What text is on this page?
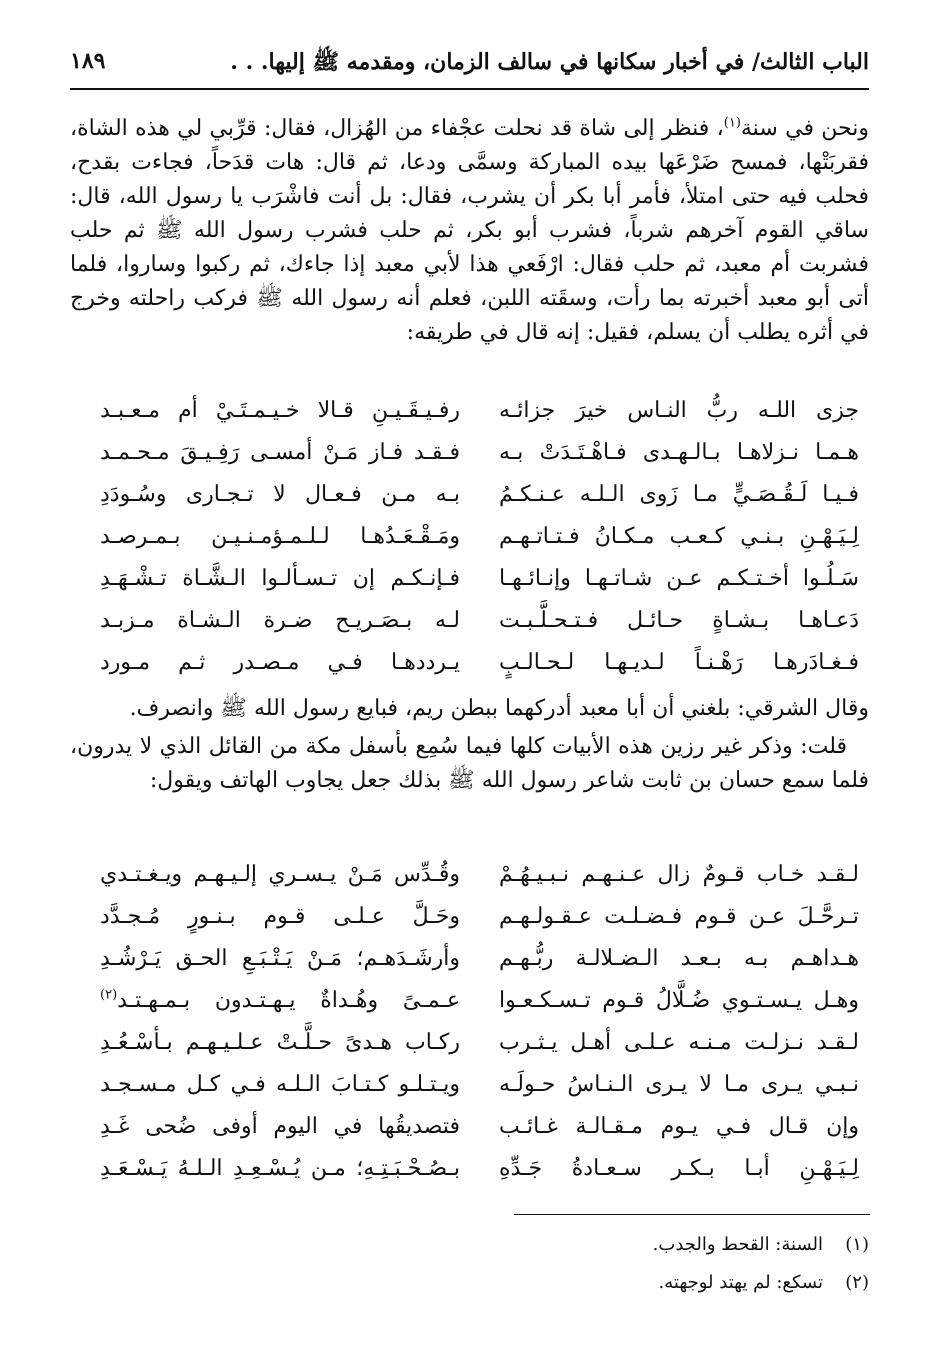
الباب الثالث/ في أخبار سكانها في سالف الزمان، ومقدمه ﷺ إليها. . .
١٨٩

ونحن في سنة$^{(١)}$، فنظر إلى شاة قد نحلت عجْفاء من الهُزال، فقال: قرِّبي لي هذه الشاة، فقربَتْها، فمسح ضَرْعَها بيده المباركة وسمَّى ودعا، ثم قال: هات قدَحاً، فجاءت بقدح، فحلب فيه حتى امتلأ، فأمر أبا بكر أن يشرب، فقال: بل أنت فاشْرَب يا رسول الله، قال: ساقي القوم آخرهم شرباً، فشرب أبو بكر، ثم حلب فشرب رسول الله ﷺ ثم حلب فشربت أم معبد، ثم حلب فقال: ارْفَعي هذا لأبي معبد إذا جاءك، ثم ركبوا وساروا، فلما أتى أبو معبد أخبرته بما رأت، وسقَته اللبن، فعلم أنه رسول الله ﷺ فركب راحلته وخرج في أثره يطلب أن يسلم، فقيل: إنه قال في طريقه:

جزى اللـه ربُّ النـاس خيرَ جزائـه
رفـيـقَـيـنِ قـالا خـيـمـتَـيْ أم مـعـبـد
هـمـا نـزلاهـا بـالـهـدى فـاهْـتَـدَتْ بـه
فـقـد فـاز مَـنْ أمسـى رَفِـيـقَ مـحـمـد
فـيـا لَـقُـصَـيٍّ مـا زَوى الـلـه عـنـكـمُ
بـه مـن فـعـال لا تـجـارى وسُـودَدِ
لِـيَـهْـنِ بـنـي كـعـب مـكـانُ فـتـاتـهـم
ومَـقْـعَـدُهـا لـلـمـؤمـنـيـن بـمـرصـد
سَـلُـوا أخـتـكـم عـن شـاتـهـا وإنـائـهـا
فـإنـكـم إن تـسـألـوا الـشَّـاة تـشْـهَـدِ
دَعـاهـا بـشـاةٍ حـائـل فـتـحـلَّـبـت
لـه بـصَـريـح ضـرة الـشـاة مـزبـد
فـغـادَرهـا رَهْـنـاً لـديـهـا لـحـالـبٍ
يـرددهـا فـي مـصـدر ثـم مـورد

وقال الشرقي: بلغني أن أبا معبد أدركهما ببطن ريم، فبايع رسول الله ﷺ وانصرف.

قلت: وذكر غير رزين هذه الأبيات كلها فيما سُمِع بأسفل مكة من القائل الذي لا يدرون، فلما سمع حسان بن ثابت شاعر رسول الله ﷺ بذلك جعل يجاوب الهاتف ويقول:

لـقـد خـاب قـومٌ زال عـنـهـم نـبـيـهُـمْ
وقُـدِّس مَـنْ يـسـري إلـيـهـم ويـغـتـدي
تـرحَّـلَ عـن قـوم فـضـلـت عـقـولـهـم
وحَـلَّ عـلـى قـوم بـنـورٍ مُـجـدَّد
هـداهـم بـه بـعـد الـضـلالـة ربُّـهـم
وأرشَـدَهـم؛ مَـنْ يَـتْـبَـعِ الحـق يَـرْشُـدِ
وهـل يـسـتـوي ضُـلَّالُ قـوم تـسـكـعـوا
عـمـىً وهُـداةٌ يـهـتـدون بـمـهـتـد$^{(٢)}$
لـقـد نـزلـت مـنـه عـلـى أهـل يـثـرب
ركـاب هـدىً حـلَّـتْ عـلـيـهـم بـأسْـعُـدِ
نـبـي يـرى مـا لا يـرى الـنـاسُ حـولَـه
ويـتـلـو كـتـابَ الـلـه فـي كـل مـسـجـد
وإن قـال فـي يـوم مـقـالـة غـائـب
فتصديقُها في اليوم أوفى ضُحى غَـدِ
لِـيَـهْـنِ أبـا بـكـر سـعـادةُ جَـدِّهِ
بـصُـحْـبَـتِـهِ؛ مـن يُـسْـعِـدِ الـلـهُ يَـسْـعَـدِ
(١)السنة: القحط والجدب.
(٢)تسكع: لم يهتد لوجهته.
